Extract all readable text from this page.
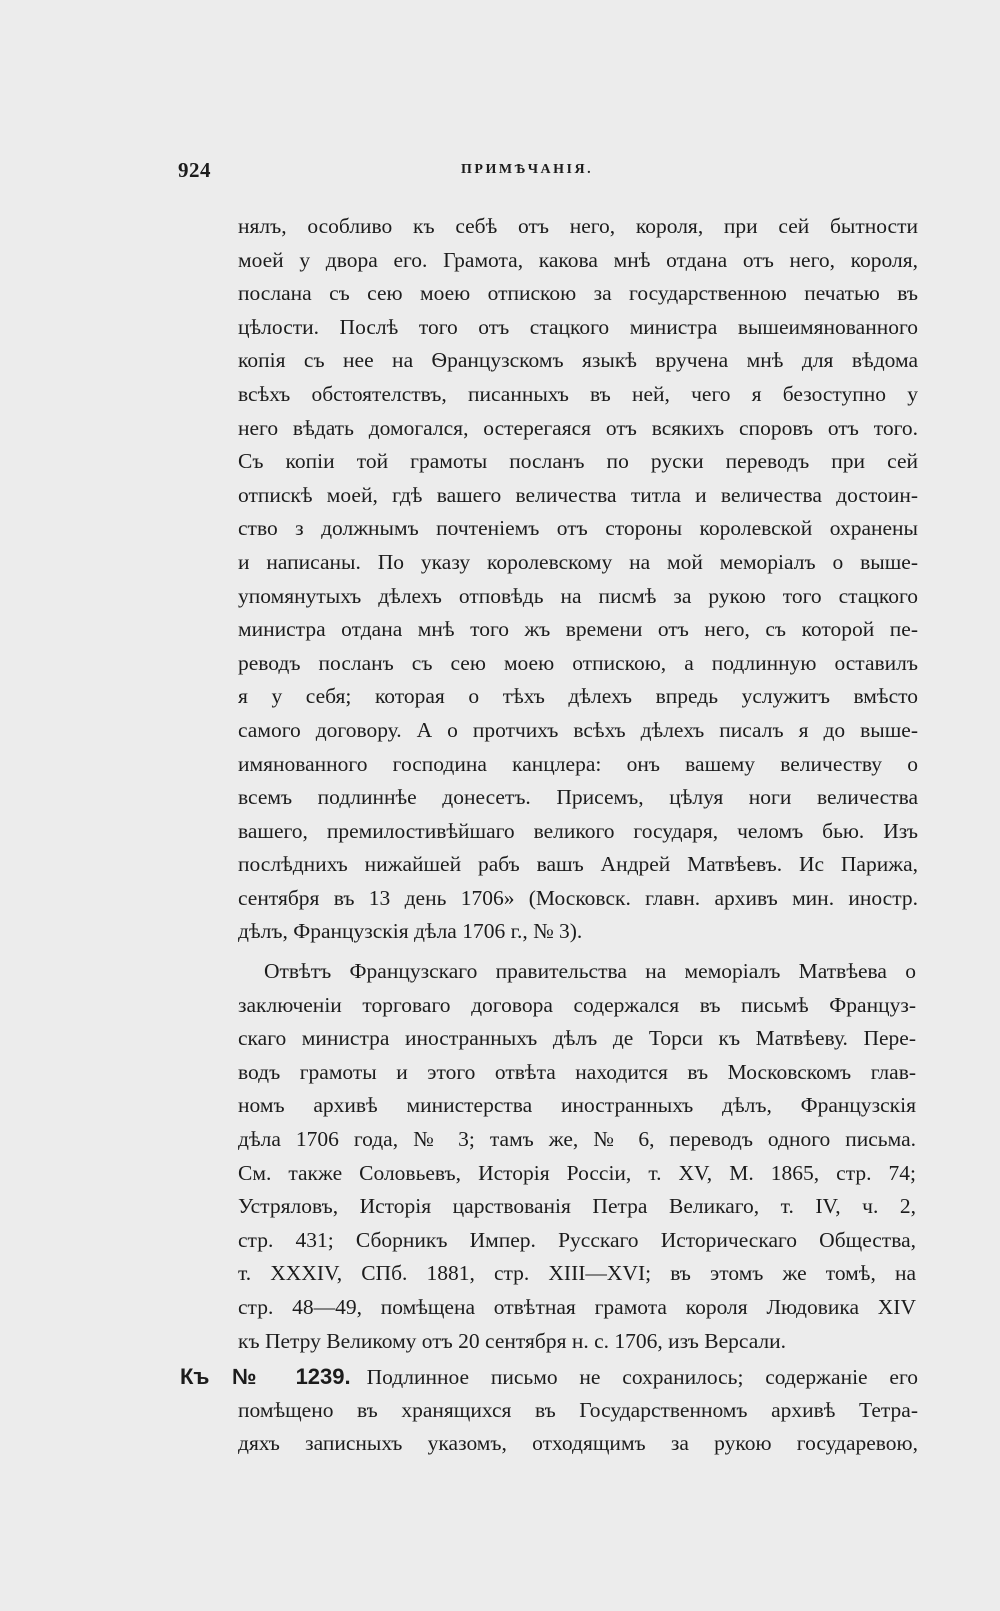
924	ПРИМѢЧАНІЯ.
нялъ, особливо къ себѣ отъ него, короля, при сей бытности
моей у двора его. Грамота, какова мнѣ отдана отъ него, короля,
послана съ сею моею отпискою за государственною печатью въ
цѣлости. Послѣ того отъ стацкого министра вышеимянованного
копія съ нее на Ѳранцузскомъ языкѣ вручена мнѣ для вѣдома
всѣхъ обстоятелствъ, писанныхъ въ ней, чего я безоступно у
него вѣдать домогался, остерегаяся отъ всякихъ споровъ отъ того.
Съ копіи той грамоты посланъ по руски переводъ при сей
отпискѣ моей, гдѣ вашего величества титла и величества достоин-
ство з должнымъ почтеніемъ отъ стороны королевской охранены
и написаны. По указу королевскому на мой меморіалъ о выше-
упомянутыхъ дѣлехъ отповѣдь на писмѣ за рукою того стацкого
министра отдана мнѣ того жъ времени отъ него, съ которой пе-
реводъ посланъ съ сею моею отпискою, а подлинную оставилъ
я у себя; которая о тѣхъ дѣлехъ впредь услужитъ вмѣсто
самого договору. А о протчихъ всѣхъ дѣлехъ писалъ я до выше-
имянованного господина канцлера: онъ вашему величеству о
всемъ подлиннѣе донесетъ. Присемъ, цѣлуя ноги величества
вашего, премилостивѣйшаго великого государя, челомъ бью. Изъ
послѣднихъ нижайшей рабъ вашъ Андрей Матвѣевъ. Ис Парижа,
сентября въ 13 день 1706» (Московск. главн. архивъ мин. иностр.
дѣлъ, Французскія дѣла 1706 г., № 3).
Отвѣтъ Французскаго правительства на меморіалъ Матвѣева о
заключеніи торговаго договора содержался въ письмѣ Француз-
скаго министра иностранныхъ дѣлъ де Торси къ Матвѣеву. Пере-
водъ грамоты и этого отвѣта находится въ Московскомъ глав-
номъ архивѣ министерства иностранныхъ дѣлъ, Французскія
дѣла 1706 года, № 3; тамъ же, № 6, переводъ одного письма.
См. также Соловьевъ, Исторія Россіи, т. XV, М. 1865, стр. 74;
Устряловъ, Исторія царствованія Петра Великаго, т. IV, ч. 2,
стр. 431; Сборникъ Импер. Русскаго Историческаго Общества,
т. XXXIV, СПб. 1881, стр. XIII—XVI; въ этомъ же томѣ, на
стр. 48—49, помѣщена отвѣтная грамота короля Людовика XIV
къ Петру Великому отъ 20 сентября н. с. 1706, изъ Версали.
Къ № 1239. Подлинное письмо не сохранилось; содержаніе его
помѣщено въ хранящихся въ Государственномъ архивѣ Тетра-
дяхъ записныхъ указомъ, отходящимъ за рукою государевою,
